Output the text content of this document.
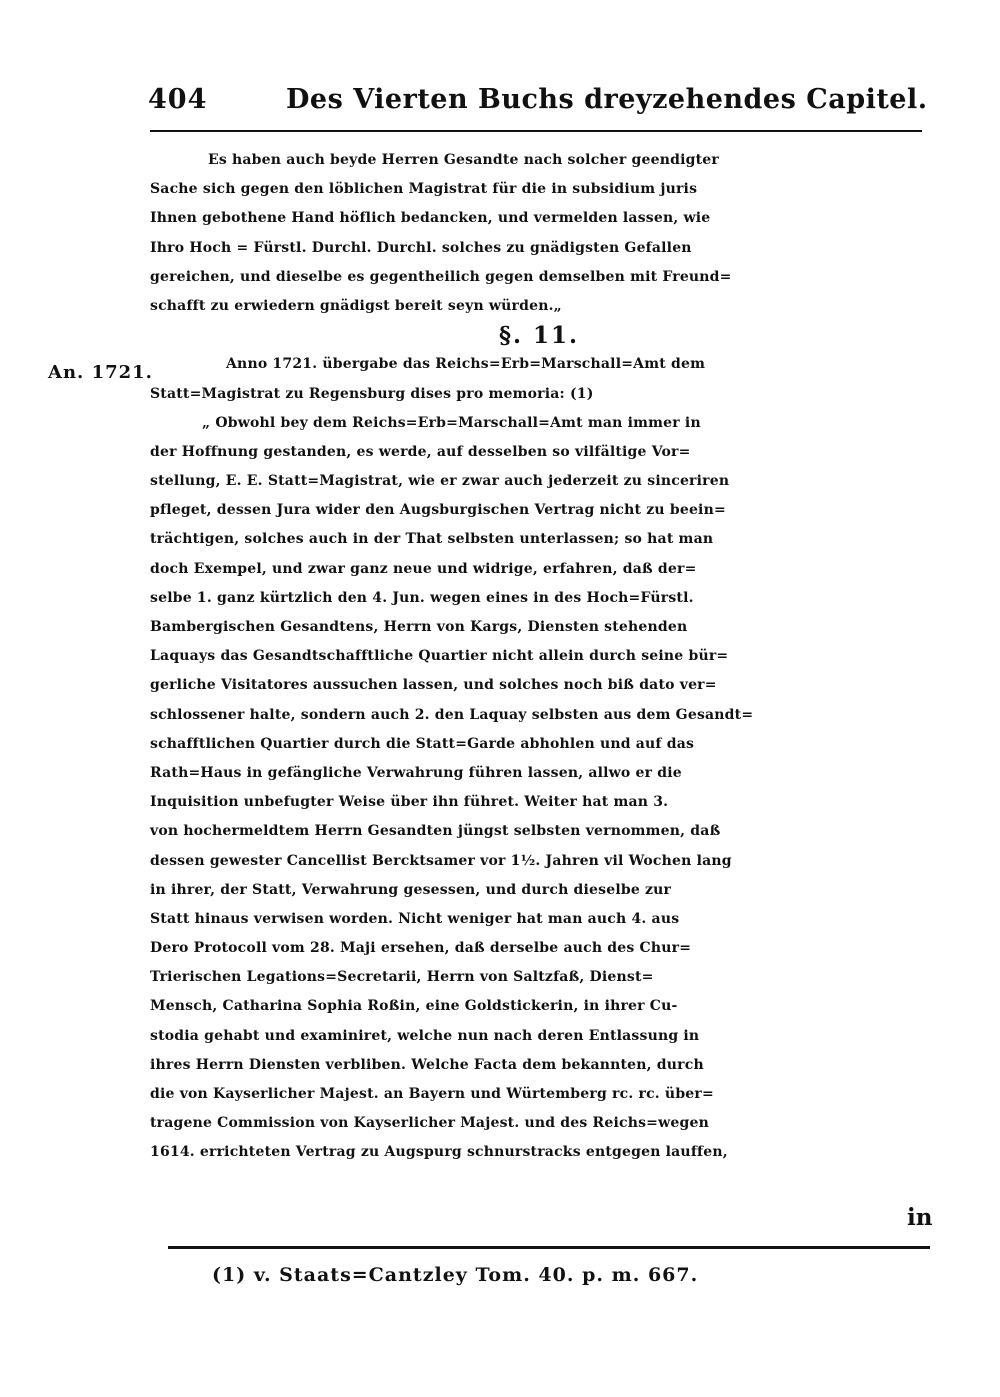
404	Des Vierten Buchs dreyzehendes Capitel.
An. 1721.
Es haben auch beyde Herren Gesandte nach solcher geendigter
Sache sich gegen den löblichen Magistrat für die in subsidium juris
Ihnen gebothene Hand höflich bedancken, und vermelden lassen, wie
Ihro Hoch = Fürstl. Durchl. Durchl. solches zu gnädigsten Gefallen
gereichen, und dieselbe es gegentheilich gegen demselben mit Freund=
schafft zu erwiedern gnädigst bereit seyn würden.„
§. 11.
Anno 1721. übergabe das Reichs=Erb=Marschall=Amt dem
Statt=Magistrat zu Regensburg dises pro memoria: (1)
„ Obwohl bey dem Reichs=Erb=Marschall=Amt man immer in
der Hoffnung gestanden, es werde, auf desselben so vilfältige Vor=
stellung, E. E. Statt=Magistrat, wie er zwar auch jederzeit zu sinceriren
pfleget, dessen Jura wider den Augsburgischen Vertrag nicht zu beein=
trächtigen, solches auch in der That selbsten unterlassen; so hat man
doch Exempel, und zwar ganz neue und widrige, erfahren, daß der=
selbe 1. ganz kürtzlich den 4. Jun. wegen eines in des Hoch=Fürstl.
Bambergischen Gesandtens, Herrn von Kargs, Diensten stehenden
Laquays das Gesandtschafftliche Quartier nicht allein durch seine bür=
gerliche Visitatores aussuchen lassen, und solches noch biß dato ver=
schlossener halte, sondern auch 2. den Laquay selbsten aus dem Gesandt=
schafftlichen Quartier durch die Statt=Garde abhohlen und auf das
Rath=Haus in gefängliche Verwahrung führen lassen, allwo er die
Inquisition unbefugter Weise über ihn führet. Weiter hat man 3.
von hochermeldtem Herrn Gesandten jüngst selbsten vernommen, daß
dessen gewester Cancellist Bercktsamer vor 1½. Jahren vil Wochen lang
in ihrer, der Statt, Verwahrung gesessen, und durch dieselbe zur
Statt hinaus verwisen worden. Nicht weniger hat man auch 4. aus
Dero Protocoll vom 28. Maji ersehen, daß derselbe auch des Chur=
Trierischen Legations=Secretarii, Herrn von Saltzfaß, Dienst=
Mensch, Catharina Sophia Roßin, eine Goldstickerin, in ihrer Cu-
stodia gehabt und examiniret, welche nun nach deren Entlassung in
ihres Herrn Diensten verbliben. Welche Facta dem bekannten, durch
die von Kayserlicher Majest. an Bayern und Würtemberg rc. rc. über=
tragene Commission von Kayserlicher Majest. und des Reichs=wegen
1614. errichteten Vertrag zu Augspurg schnurstracks entgegen lauffen,
in
(1) v. Staats=Cantzley Tom. 40. p. m. 667.
